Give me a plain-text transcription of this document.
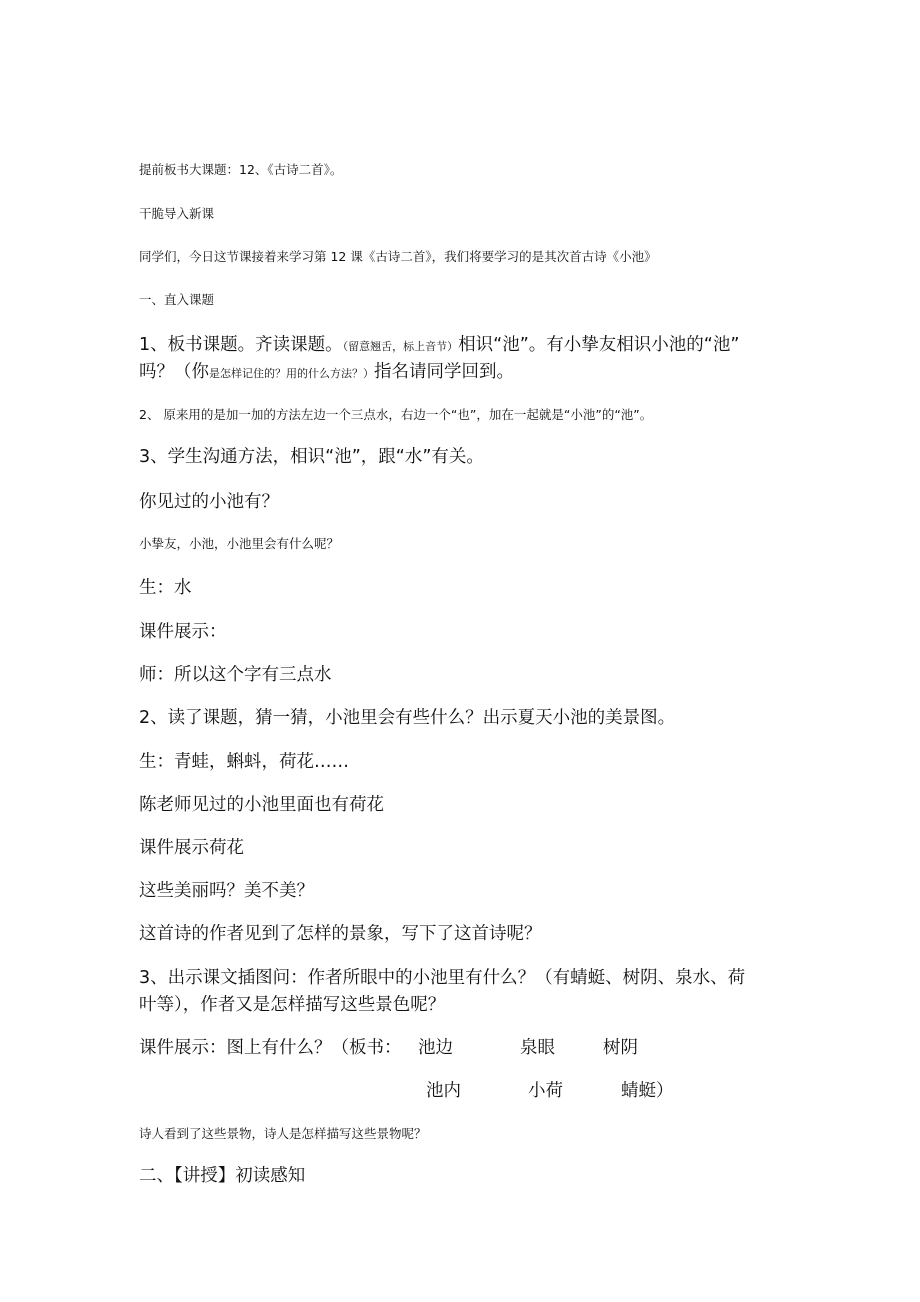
提前板书大课题：12、《古诗二首》。
干脆导入新课
同学们，今日这节课接着来学习第 12 课《古诗二首》，我们将要学习的是其次首古诗《小池》
一、直入课题
1、板书课题。齐读课题。（留意翘舌，标上音节）相识“池”。有小挚友相识小池的“池”
吗？（你是怎样记住的？用的什么方法？）指名请同学回到。
2、 原来用的是加一加的方法左边一个三点水，右边一个“也”，加在一起就是“小池”的“池”。
3、学生沟通方法，相识“池”，跟“水”有关。
你见过的小池有？
小挚友，小池，小池里会有什么呢？
生：水
课件展示：
师：所以这个字有三点水
2、读了课题，猜一猜，小池里会有些什么？出示夏天小池的美景图。
生：青蛙，蝌蚪，荷花……
陈老师见过的小池里面也有荷花
课件展示荷花
这些美丽吗？美不美？
这首诗的作者见到了怎样的景象，写下了这首诗呢？
3、出示课文插图问：作者所眼中的小池里有什么？（有蜻蜓、树阴、泉水、荷
叶等），作者又是怎样描写这些景色呢？
课件展示：图上有什么？（板书： 池边	泉眼	树阴
池内	小荷	蜻蜓）
诗人看到了这些景物，诗人是怎样描写这些景物呢？
二、【讲授】初读感知
